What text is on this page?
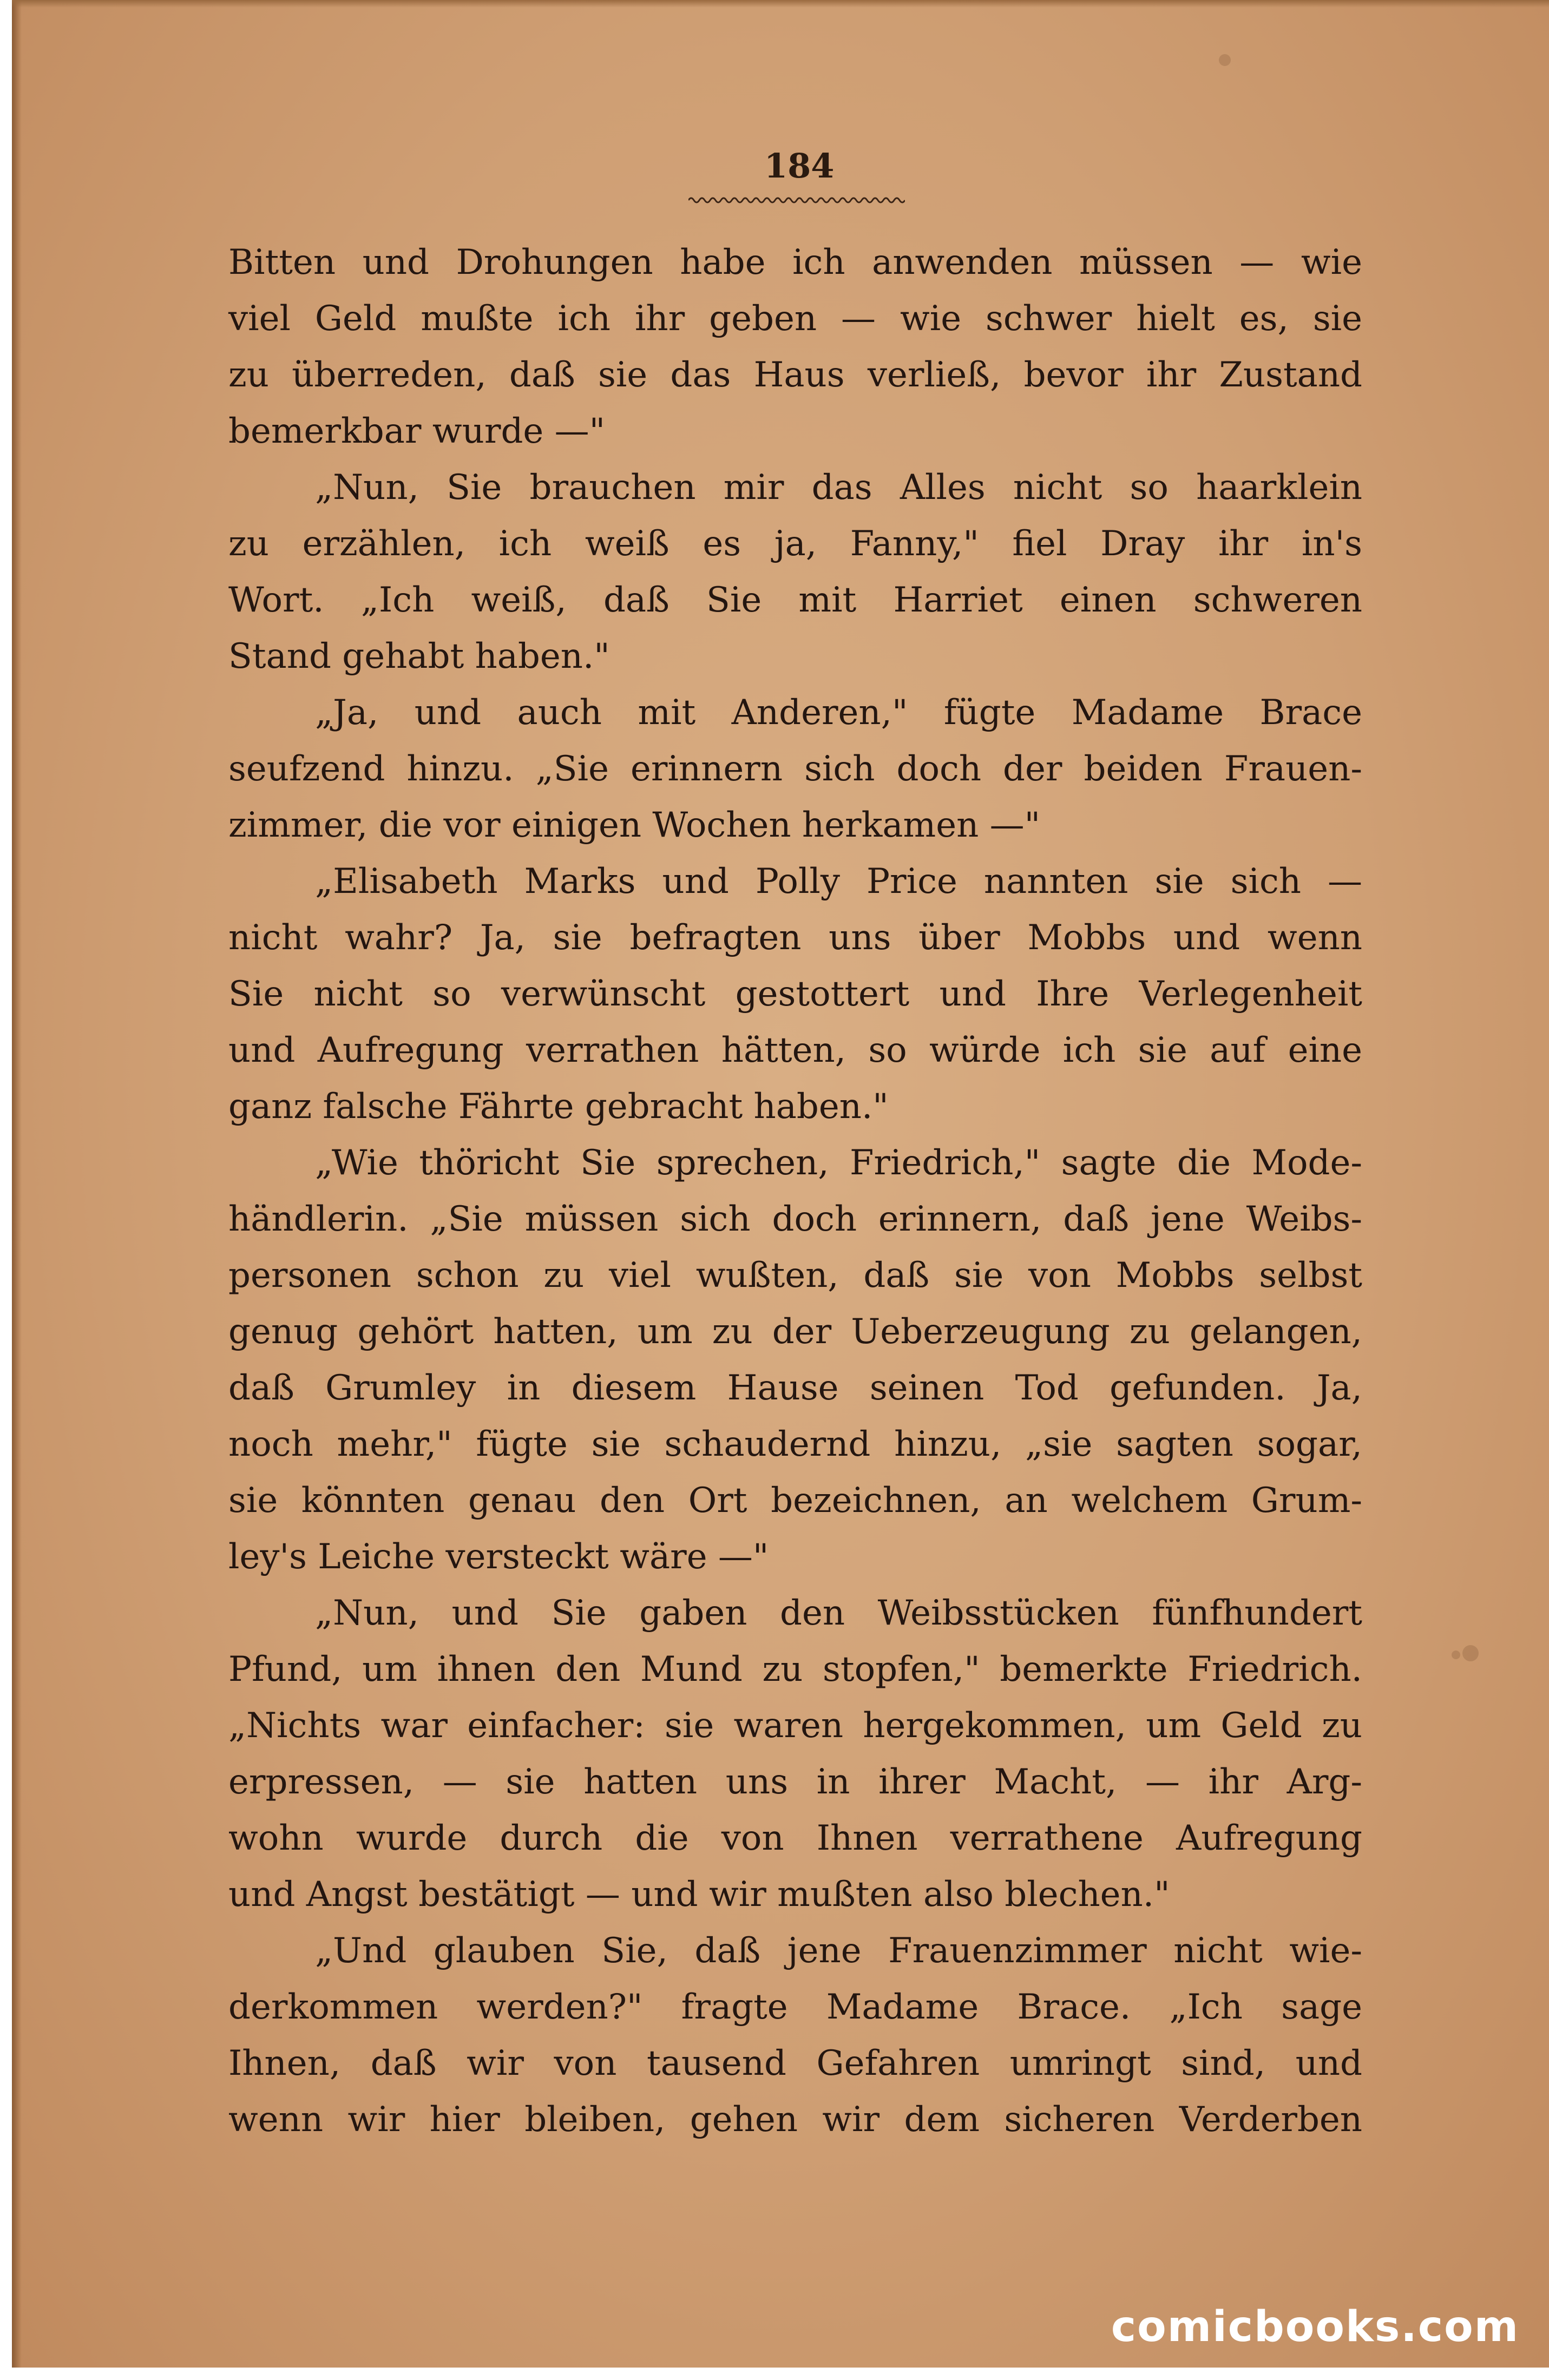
184
Bitten und Drohungen habe ich anwenden müssen — wie
viel Geld mußte ich ihr geben — wie schwer hielt es, sie
zu überreden, daß sie das Haus verließ, bevor ihr Zustand
bemerkbar wurde —"
„Nun, Sie brauchen mir das Alles nicht so haarklein
zu erzählen, ich weiß es ja, Fanny," fiel Dray ihr in's
Wort. „Ich weiß, daß Sie mit Harriet einen schweren
Stand gehabt haben."
„Ja, und auch mit Anderen," fügte Madame Brace
seufzend hinzu. „Sie erinnern sich doch der beiden Frauen-
zimmer, die vor einigen Wochen herkamen —"
„Elisabeth Marks und Polly Price nannten sie sich —
nicht wahr? Ja, sie befragten uns über Mobbs und wenn
Sie nicht so verwünscht gestottert und Ihre Verlegenheit
und Aufregung verrathen hätten, so würde ich sie auf eine
ganz falsche Fährte gebracht haben."
„Wie thöricht Sie sprechen, Friedrich," sagte die Mode-
händlerin. „Sie müssen sich doch erinnern, daß jene Weibs-
personen schon zu viel wußten, daß sie von Mobbs selbst
genug gehört hatten, um zu der Ueberzeugung zu gelangen,
daß Grumley in diesem Hause seinen Tod gefunden. Ja,
noch mehr," fügte sie schaudernd hinzu, „sie sagten sogar,
sie könnten genau den Ort bezeichnen, an welchem Grum-
ley's Leiche versteckt wäre —"
„Nun, und Sie gaben den Weibsstücken fünfhundert
Pfund, um ihnen den Mund zu stopfen," bemerkte Friedrich.
„Nichts war einfacher: sie waren hergekommen, um Geld zu
erpressen, — sie hatten uns in ihrer Macht, — ihr Arg-
wohn wurde durch die von Ihnen verrathene Aufregung
und Angst bestätigt — und wir mußten also blechen."
„Und glauben Sie, daß jene Frauenzimmer nicht wie-
derkommen werden?" fragte Madame Brace. „Ich sage
Ihnen, daß wir von tausend Gefahren umringt sind, und
wenn wir hier bleiben, gehen wir dem sicheren Verderben
comicbooks.com
